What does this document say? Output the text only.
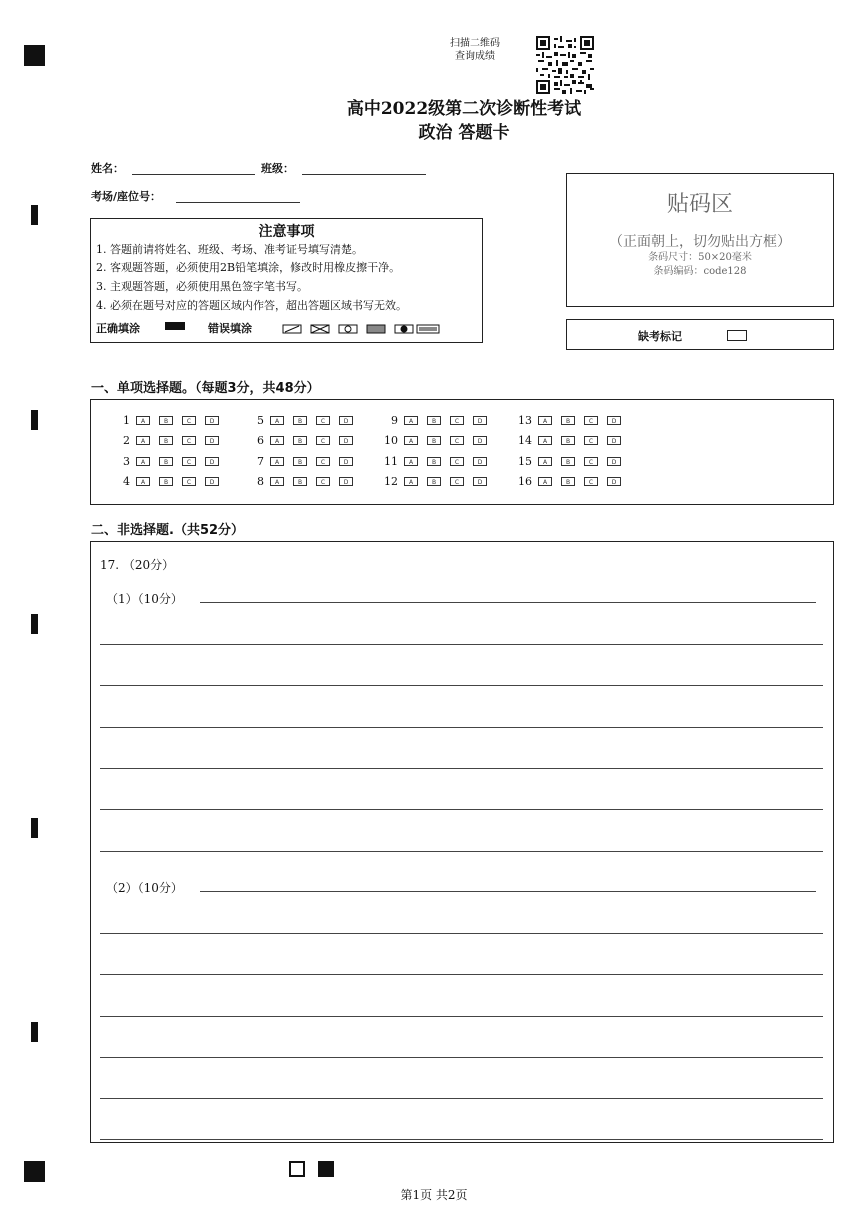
扫描二维码
查询成绩
高中2022级第二次诊断性考试
政治 答题卡
姓名：	班级：
考场/座位号：
注意事项
1. 答题前请将姓名、班级、考场、准考证号填写清楚。
2. 客观题答题，必须使用2B铅笔填涂，修改时用橡皮擦干净。
3. 主观题答题，必须使用黑色签字笔书写。
4. 必须在题号对应的答题区域内作答，超出答题区域书写无效。
正确填涂	错误填涂
贴码区
（正面朝上，切勿贴出方框）
条码尺寸：50×20毫米
条码编码：code128
缺考标记
一、单项选择题。（每题3分，共48分）
1	A	B	C	D
2	A	B	C	D
3	A	B	C	D
4	A	B	C	D
5	A	B	C	D
6	A	B	C	D
7	A	B	C	D
8	A	B	C	D
9	A	B	C	D
10	A	B	C	D
11	A	B	C	D
12	A	B	C	D
13	A	B	C	D
14	A	B	C	D
15	A	B	C	D
16	A	B	C	D
二、非选择题.（共52分）
17. （20分）
（1）（10分）
（2）（10分）
第1页 共2页
